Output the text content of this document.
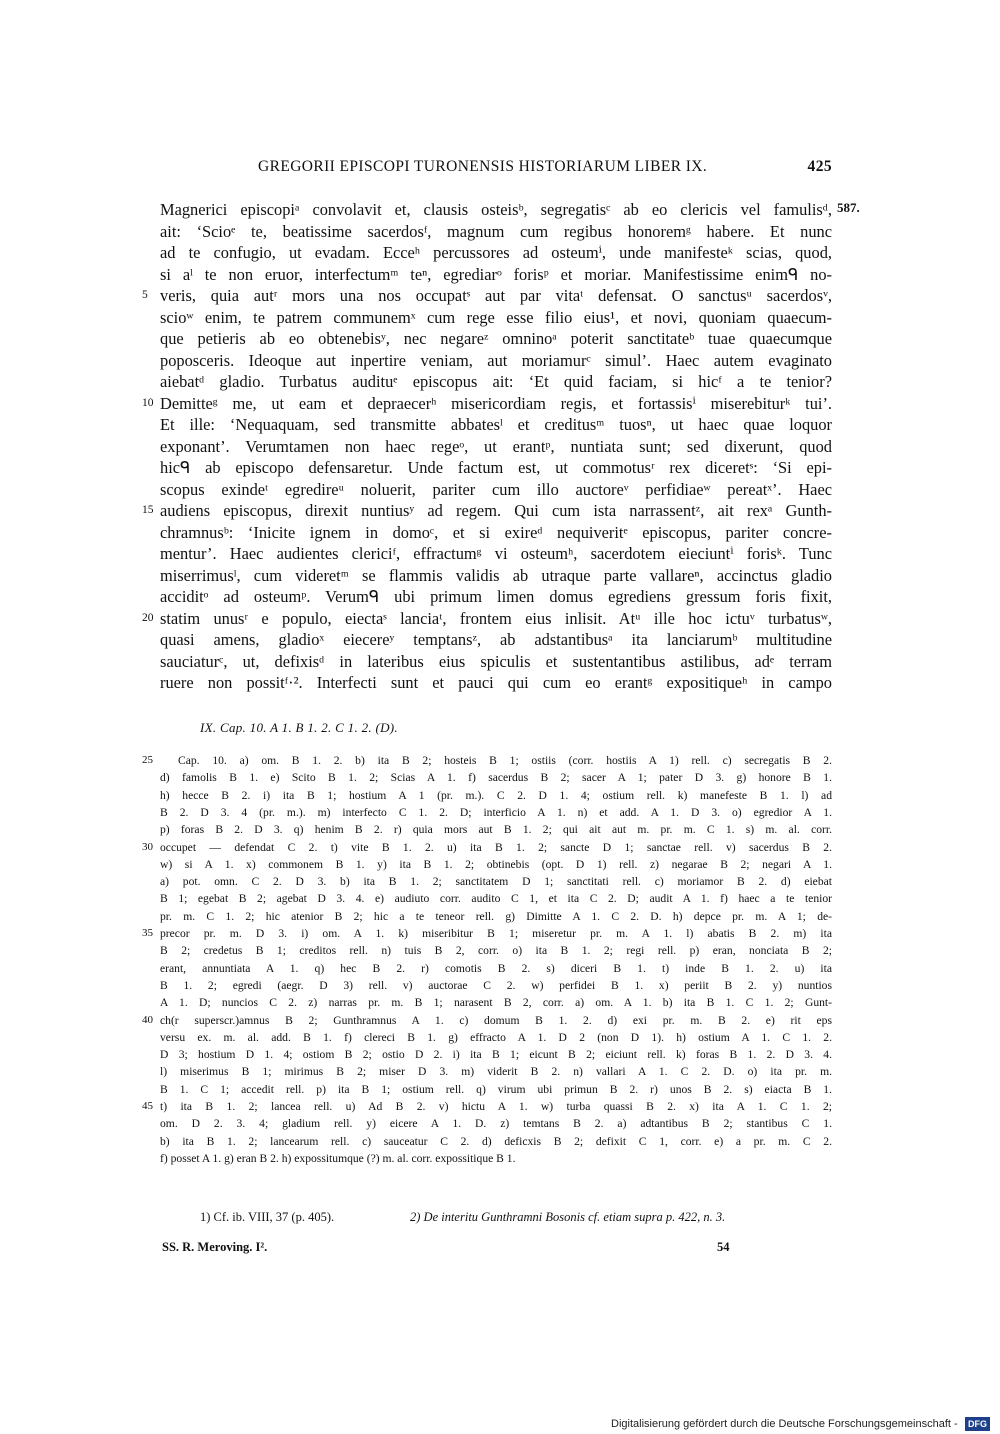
GREGORII EPISCOPI TURONENSIS HISTORIARUM LIBER IX.	425
587.
Magnerici episcopiᵃ convolavit et, clausis osteisᵇ, segregatisᶜ ab eo clericis vel famulisᵈ,
ait: ‘Scioᵉ te, beatissime sacerdosᶠ, magnum cum regibus honoremᵍ habere. Et nunc
ad te confugio, ut evadam. Ecceʰ percussores ad osteumⁱ, unde manifesteᵏ scias, quod,
si aˡ te non eruor, interfectumᵐ teⁿ, egrediarᵒ forisᵖ et moriar. Manifestissime enimᑫ no-
veris, quia autʳ mors una nos occupatˢ aut par vitaᵗ defensat. O sanctusᵘ sacerdosᵛ,
scioʷ enim, te patrem communemˣ cum rege esse filio eius¹, et novi, quoniam quaecum-
que petieris ab eo obtenebisʸ, nec negareᶻ omninoᵃ poterit sanctitateᵇ tuae quaecumque
poposceris. Ideoque aut inpertire veniam, aut moriamurᶜ simul’. Haec autem evaginato
aiebatᵈ gladio. Turbatus audituᵉ episcopus ait: ‘Et quid faciam, si hicᶠ a te tenior?
Demitteᵍ me, ut eam et depraecerʰ misericordiam regis, et fortassisⁱ miserebiturᵏ tui’.
Et ille: ‘Nequaquam, sed transmitte abbatesˡ et creditusᵐ tuosⁿ, ut haec quae loquor
exponant’. Verumtamen non haec regeᵒ, ut erantᵖ, nuntiata sunt; sed dixerunt, quod
hicᑫ ab episcopo defensaretur. Unde factum est, ut commotusʳ rex diceretˢ: ‘Si epi-
scopus exindeᵗ egredireᵘ noluerit, pariter cum illo auctoreᵛ perfidiaeʷ pereatˣ’. Haec
audiens episcopus, direxit nuntiusʸ ad regem. Qui cum ista narrassentᶻ, ait rexᵃ Gunth-
chramnusᵇ: ‘Inicite ignem in domoᶜ, et si exireᵈ nequiveritᵉ episcopus, pariter concre-
mentur’. Haec audientes clericiᶠ, effractumᵍ vi osteumʰ, sacerdotem eieciuntⁱ forisᵏ. Tunc
miserrimusˡ, cum videretᵐ se flammis validis ab utraque parte vallareⁿ, accinctus gladio
acciditᵒ ad osteumᵖ. Verumᑫ ubi primum limen domus egrediens gressum foris fixit,
statim unusʳ e populo, eiectaˢ lanciaᵗ, frontem eius inlisit. Atᵘ ille hoc ictuᵛ turbatusʷ,
quasi amens, gladioˣ eiecereʸ temptansᶻ, ab adstantibusᵃ ita lanciarumᵇ multitudine
sauciaturᶜ, ut, defixisᵈ in lateribus eius spiculis et sustentantibus astilibus, adᵉ terram
ruere non possitᶠ·². Interfecti sunt et pauci qui cum eo erantᵍ expositiqueʰ in campo
5
10
15
20
IX. Cap. 10. A 1. B 1. 2. C 1. 2. (D).
Cap. 10. a) om. B 1. 2. b) ita B 2; hosteis B 1; ostiis (corr. hostiis A 1) rell. c) secregatis B 2.
d) famolis B 1. e) Scito B 1. 2; Scias A 1. f) sacerdus B 2; sacer A 1; pater D 3. g) honore B 1.
h) hecce B 2. i) ita B 1; hostium A 1 (pr. m.). C 2. D 1. 4; ostium rell. k) manefeste B 1. l) ad
B 2. D 3. 4 (pr. m.). m) interfecto C 1. 2. D; interficio A 1. n) et add. A 1. D 3. o) egredior A 1.
p) foras B 2. D 3. q) henim B 2. r) quia mors aut B 1. 2; qui ait aut m. pr. m. C 1. s) m. al. corr.
occupet — defendat C 2. t) vite B 1. 2. u) ita B 1. 2; sancte D 1; sanctae rell. v) sacerdus B 2.
w) si A 1. x) commonem B 1. y) ita B 1. 2; obtinebis (opt. D 1) rell. z) negarae B 2; negari A 1.
a) pot. omn. C 2. D 3. b) ita B 1. 2; sanctitatem D 1; sanctitati rell. c) moriamor B 2. d) eiebat
B 1; egebat B 2; agebat D 3. 4. e) audiuto corr. audito C 1, et ita C 2. D; audit A 1. f) haec a te tenior
pr. m. C 1. 2; hic atenior B 2; hic a te teneor rell. g) Dimitte A 1. C 2. D. h) depce pr. m. A 1; de-
precor pr. m. D 3. i) om. A 1. k) miseribitur B 1; miseretur pr. m. A 1. l) abatis B 2. m) ita
B 2; credetus B 1; creditos rell. n) tuis B 2, corr. o) ita B 1. 2; regi rell. p) eran, nonciata B 2;
erant, annuntiata A 1. q) hec B 2. r) comotis B 2. s) diceri B 1. t) inde B 1. 2. u) ita
B 1. 2; egredi (aegr. D 3) rell. v) auctorae C 2. w) perfidei B 1. x) periit B 2. y) nuntios
A 1. D; nuncios C 2. z) narras pr. m. B 1; narasent B 2, corr. a) om. A 1. b) ita B 1. C 1. 2; Gunt-
ch(r superscr.)amnus B 2; Gunthramnus A 1. c) domum B 1. 2. d) exi pr. m. B 2. e) rit eps
versu ex. m. al. add. B 1. f) clereci B 1. g) effracto A 1. D 2 (non D 1). h) ostium A 1. C 1. 2.
D 3; hostium D 1. 4; ostiom B 2; ostio D 2. i) ita B 1; eicunt B 2; eiciunt rell. k) foras B 1. 2. D 3. 4.
l) miserimus B 1; mirimus B 2; miser D 3. m) viderit B 2. n) vallari A 1. C 2. D. o) ita pr. m.
B 1. C 1; accedit rell. p) ita B 1; ostium rell. q) virum ubi primun B 2. r) unos B 2. s) eiacta B 1.
t) ita B 1. 2; lancea rell. u) Ad B 2. v) hictu A 1. w) turba quassi B 2. x) ita A 1. C 1. 2;
om. D 2. 3. 4; gladium rell. y) eicere A 1. D. z) temtans B 2. a) adtantibus B 2; stantibus C 1.
b) ita B 1. 2; lancearum rell. c) sauceatur C 2. d) deficxis B 2; defixit C 1, corr. e) a pr. m. C 2.
f) posset A 1. g) eran B 2. h) expossitumque (?) m. al. corr. expossitique B 1.
25
30
35
40
45
1) Cf. ib. VIII, 37 (p. 405).	2) De interitu Gunthramni Bosonis cf. etiam supra p. 422, n. 3.
SS. R. Meroving. I².	54
Digitalisierung gefördert durch die Deutsche Forschungsgemeinschaft -	DFG
